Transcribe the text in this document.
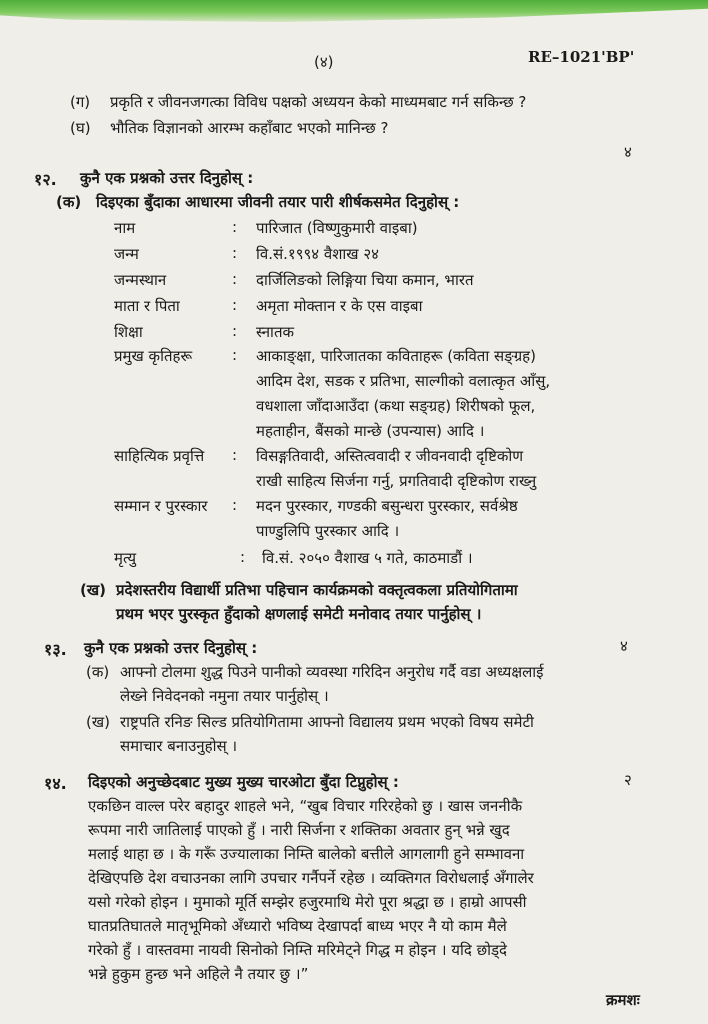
(४)	RE–1021'BP'
(ग) प्रकृति र जीवनजगत्का विविध पक्षको अध्ययन केको माध्यमबाट गर्न सकिन्छ ?
(घ) भौतिक विज्ञानको आरम्भ कहाँबाट भएको मानिन्छ ?
४
१२. कुनै एक प्रश्नको उत्तर दिनुहोस् :
(क) दिइएका बुँदाका आधारमा जीवनी तयार पारी शीर्षकसमेत दिनुहोस् :
नाम	: पारिजात (विष्णुकुमारी वाइबा)
जन्म	: वि.सं.१९९४ वैशाख २४
जन्मस्थान	: दार्जिलिङको लिङ्गिया चिया कमान, भारत
माता र पिता	: अमृता मोक्तान र के एस वाइबा
शिक्षा	: स्नातक
प्रमुख कृतिहरू	: आकाङ्क्षा, पारिजातका कविताहरू (कविता सङ्ग्रह)
आदिम देश, सडक र प्रतिभा, साल्गीको वलात्कृत आँसु,
वधशाला जाँदाआउँदा (कथा सङ्ग्रह) शिरीषको फूल,
महताहीन, बैंसको मान्छे (उपन्यास) आदि ।
साहित्यिक प्रवृत्ति : विसङ्गतिवादी, अस्तित्ववादी र जीवनवादी दृष्टिकोण
राखी साहित्य सिर्जना गर्नु, प्रगतिवादी दृष्टिकोण राख्नु
सम्मान र पुरस्कार : मदन पुरस्कार, गण्डकी बसुन्धरा पुरस्कार, सर्वश्रेष्ठ
पाण्डुलिपि पुरस्कार आदि ।
मृत्यु	: वि.सं. २०५० वैशाख ५ गते, काठमाडौं ।
(ख) प्रदेशस्तरीय विद्यार्थी प्रतिभा पहिचान कार्यक्रमको वक्तृत्वकला प्रतियोगितामा
प्रथम भएर पुरस्कृत हुँदाको क्षणलाई समेटी मनोवाद तयार पार्नुहोस् ।
१३. कुनै एक प्रश्नको उत्तर दिनुहोस् :	४
(क) आफ्नो टोलमा शुद्ध पिउने पानीको व्यवस्था गरिदिन अनुरोध गर्दै वडा अध्यक्षलाई
लेख्ने निवेदनको नमुना तयार पार्नुहोस् ।
(ख) राष्ट्रपति रनिङ सिल्ड प्रतियोगितामा आफ्नो विद्यालय प्रथम भएको विषय समेटी
समाचार बनाउनुहोस् ।
१४. दिइएको अनुच्छेदबाट मुख्य मुख्य चारओटा बुँदा टिप्नुहोस् :	२
एकछिन वाल्ल परेर बहादुर शाहले भने, “खुब विचार गरिरहेको छु । खास जननीकै
रूपमा नारी जातिलाई पाएको हुँ । नारी सिर्जना र शक्तिका अवतार हुन् भन्ने खुद
मलाई थाहा छ । के गरूँ उज्यालाका निम्ति बालेको बत्तीले आगलागी हुने सम्भावना
देखिएपछि देश वचाउनका लागि उपचार गर्नैपर्ने रहेछ । व्यक्तिगत विरोधलाई अँगालेर
यसो गरेको होइन । मुमाको मूर्ति सम्झेर हजुरमाथि मेरो पूरा श्रद्धा छ । हाम्रो आपसी
घातप्रतिघातले मातृभूमिको अँध्यारो भविष्य देखापर्दा बाध्य भएर नै यो काम मैले
गरेको हुँ । वास्तवमा नायवी सिनोको निम्ति मरिमेट्ने गिद्ध म होइन । यदि छोड्दे
भन्ने हुकुम हुन्छ भने अहिले नै तयार छु ।”
क्रमशः
